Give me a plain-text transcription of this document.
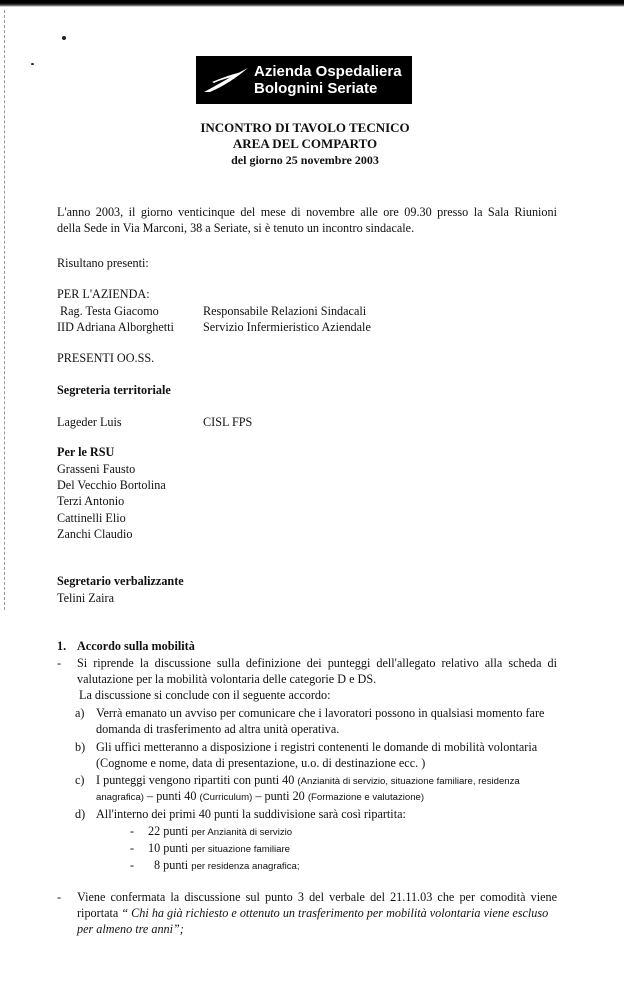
Azienda Ospedaliera
Bolognini Seriate
INCONTRO DI TAVOLO TECNICO
AREA DEL COMPARTO
del giorno 25 novembre 2003
L'anno 2003, il giorno venticinque del mese di novembre alle ore 09.30 presso la Sala Riunioni
della Sede in Via Marconi, 38 a Seriate, si è tenuto un incontro sindacale.
Risultano presenti:
PER L'AZIENDA:
Rag. Testa Giacomo	Responsabile Relazioni Sindacali
IID Adriana Alborghetti Servizio Infermieristico Aziendale
PRESENTI OO.SS.
Segreteria territoriale
Lageder Luis	CISL FPS
Per le RSU
Grasseni Fausto
Del Vecchio Bortolina
Terzi Antonio
Cattinelli Elio
Zanchi Claudio
Segretario verbalizzante
Telini Zaira
1. Accordo sulla mobilità
- Si riprende la discussione sulla definizione dei punteggi dell'allegato relativo alla scheda di
valutazione per la mobilità volontaria delle categorie D e DS.
La discussione si conclude con il seguente accordo:
a) Verrà emanato un avviso per comunicare che i lavoratori possono in qualsiasi momento fare
domanda di trasferimento ad altra unità operativa.
b) Gli uffici metteranno a disposizione i registri contenenti le domande di mobilità volontaria
(Cognome e nome, data di presentazione, u.o. di destinazione ecc. )
c) I punteggi vengono ripartiti con punti 40 (Anzianità di servizio, situazione familiare, residenza
anagrafica) – punti 40 (Curriculum) – punti 20 (Formazione e valutazione)
d) All'interno dei primi 40 punti la suddivisione sarà così ripartita:
- 22 punti per Anzianità di servizio
- 10 punti per situazione familiare
- 8 punti per residenza anagrafica;
- Viene confermata la discussione sul punto 3 del verbale del 21.11.03 che per comodità viene
riportata “ Chi ha già richiesto e ottenuto un trasferimento per mobilità volontaria viene escluso
per almeno tre anni”;
